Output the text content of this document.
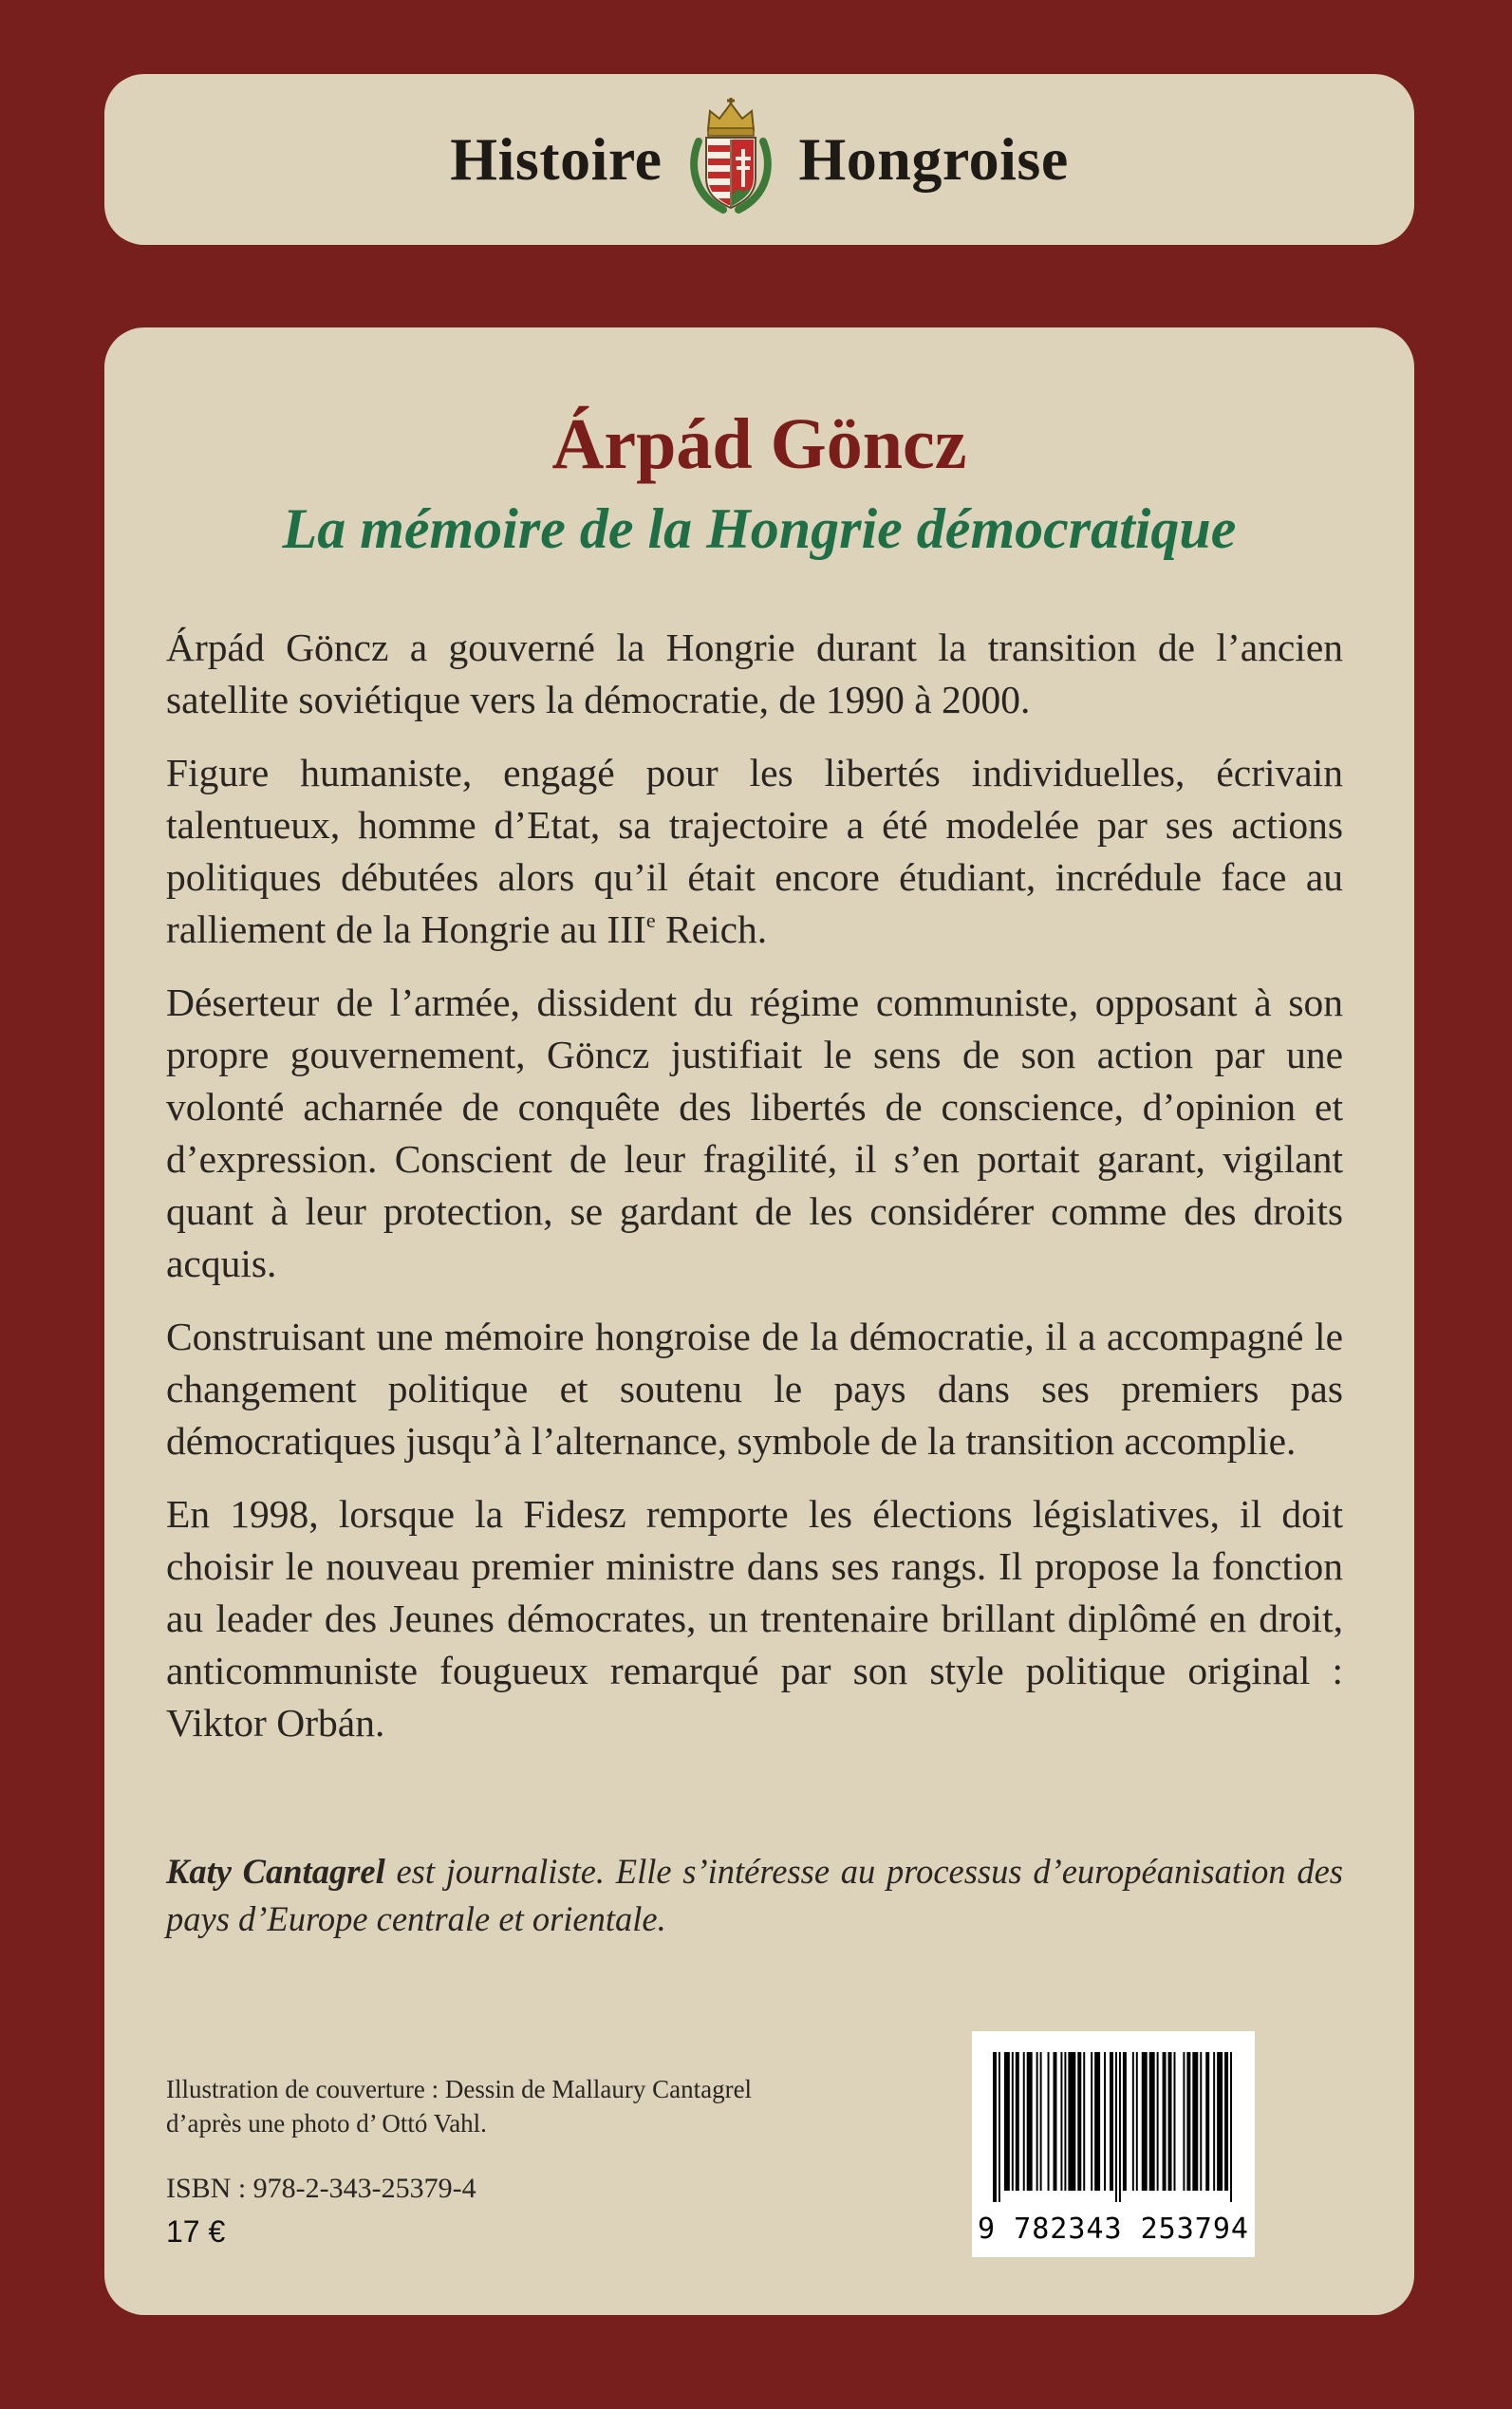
Histoire Hongroise
Árpád Göncz
La mémoire de la Hongrie démocratique

Árpád Göncz a gouverné la Hongrie durant la transition de l’ancien satellite soviétique vers la démocratie, de 1990 à 2000.

Figure humaniste, engagé pour les libertés individuelles, écrivain talentueux, homme d’Etat, sa trajectoire a été modelée par ses actions politiques débutées alors qu’il était encore étudiant, incrédule face au ralliement de la Hongrie au IIIe Reich.

Déserteur de l’armée, dissident du régime communiste, opposant à son propre gouvernement, Göncz justifiait le sens de son action par une volonté acharnée de conquête des libertés de conscience, d’opinion et d’expression. Conscient de leur fragilité, il s’en portait garant, vigilant quant à leur protection, se gardant de les considérer comme des droits acquis.

Construisant une mémoire hongroise de la démocratie, il a accompagné le changement politique et soutenu le pays dans ses premiers pas démocratiques jusqu’à l’alternance, symbole de la transition accomplie.

En 1998, lorsque la Fidesz remporte les élections législatives, il doit choisir le nouveau premier ministre dans ses rangs. Il propose la fonction au leader des Jeunes démocrates, un trentenaire brillant diplômé en droit, anticommuniste fougueux remarqué par son style politique original : Viktor Orbán.

Katy Cantagrel est journaliste. Elle s’intéresse au processus d’européanisation des pays d’Europe centrale et orientale.

Illustration de couverture : Dessin de Mallaury Cantagrel
d’après une photo d’ Ottó Vahl.

ISBN : 978-2-343-25379-4

17 €	9 782343 253794
